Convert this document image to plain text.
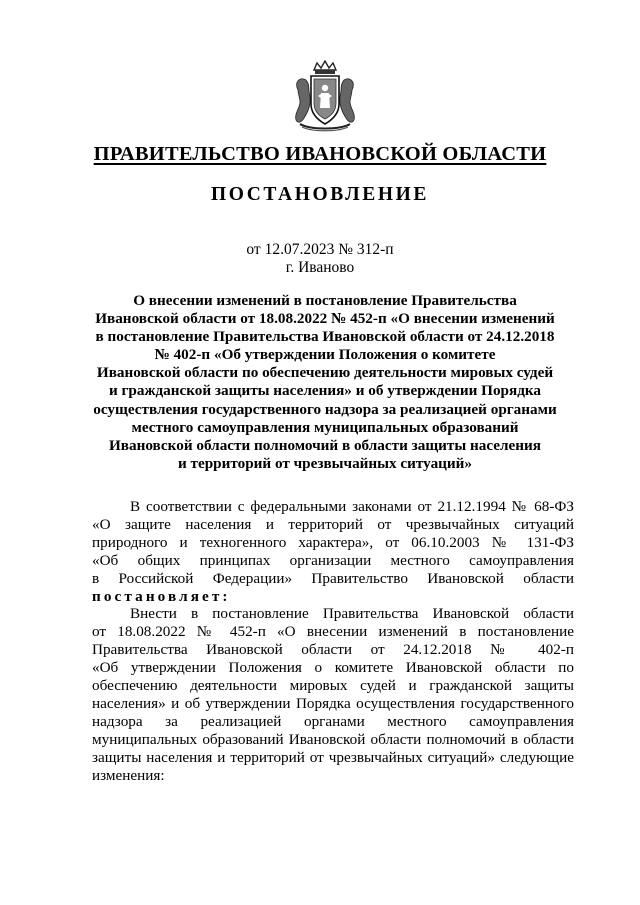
ПРАВИТЕЛЬСТВО ИВАНОВСКОЙ ОБЛАСТИ
ПОСТАНОВЛЕНИЕ
от 12.07.2023 № 312-п
г. Иваново
О внесении изменений в постановление Правительства
Ивановской области от 18.08.2022 № 452-п «О внесении изменений
в постановление Правительства Ивановской области от 24.12.2018
№ 402-п «Об утверждении Положения о комитете
Ивановской области по обеспечению деятельности мировых судей
и гражданской защиты населения» и об утверждении Порядка
осуществления государственного надзора за реализацией органами
местного самоуправления муниципальных образований
Ивановской области полномочий в области защиты населения
и территорий от чрезвычайных ситуаций»
В соответствии с федеральными законами от 21.12.1994 № 68-ФЗ
«О защите населения и территорий от чрезвычайных ситуаций
природного и техногенного характера», от 06.10.2003 № 131-ФЗ
«Об общих принципах организации местного самоуправления
в Российской Федерации» Правительство Ивановской области
постановляет:
Внести в постановление Правительства Ивановской области
от 18.08.2022 № 452-п «О внесении изменений в постановление
Правительства Ивановской области от 24.12.2018 № 402-п
«Об утверждении Положения о комитете Ивановской области по
обеспечению деятельности мировых судей и гражданской защиты
населения» и об утверждении Порядка осуществления государственного
надзора за реализацией органами местного самоуправления
муниципальных образований Ивановской области полномочий в области
защиты населения и территорий от чрезвычайных ситуаций» следующие
изменения:
